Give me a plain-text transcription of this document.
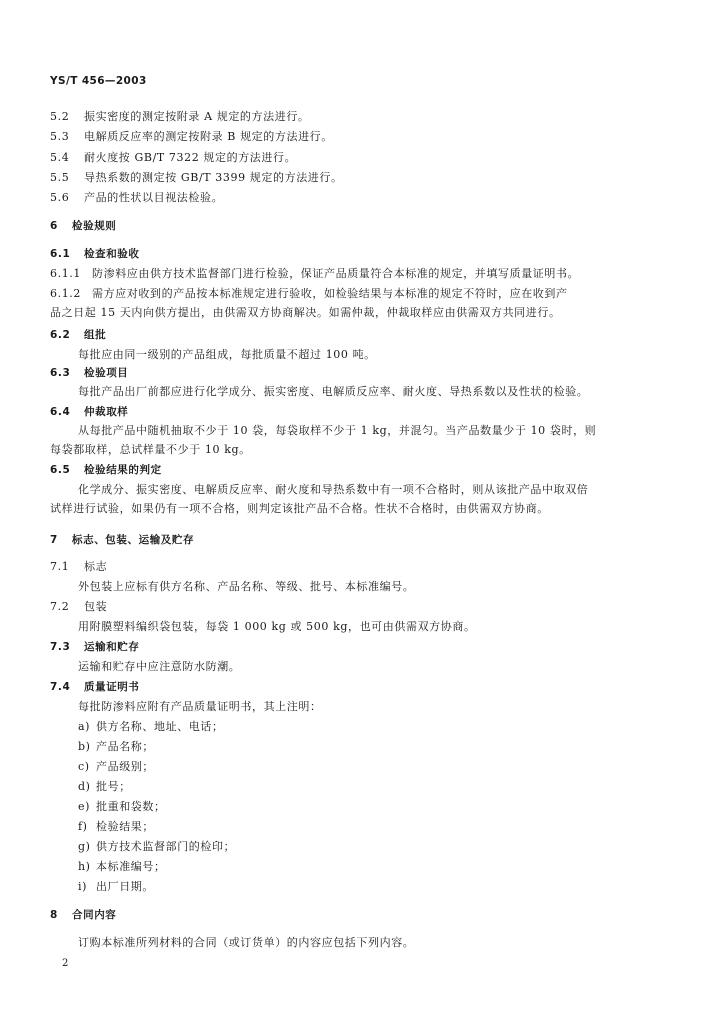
YS/T 456—2003
5.2 振实密度的测定按附录 A 规定的方法进行。
5.3 电解质反应率的测定按附录 B 规定的方法进行。
5.4 耐火度按 GB/T 7322 规定的方法进行。
5.5 导热系数的测定按 GB/T 3399 规定的方法进行。
5.6 产品的性状以目视法检验。
6 检验规则
6.1 检查和验收
6.1.1 防渗料应由供方技术监督部门进行检验，保证产品质量符合本标准的规定，并填写质量证明书。
6.1.2 需方应对收到的产品按本标准规定进行验收，如检验结果与本标准的规定不符时，应在收到产
品之日起 15 天内向供方提出，由供需双方协商解决。如需仲裁，仲裁取样应由供需双方共同进行。
6.2 组批
每批应由同一级别的产品组成，每批质量不超过 100 吨。
6.3 检验项目
每批产品出厂前都应进行化学成分、振实密度、电解质反应率、耐火度、导热系数以及性状的检验。
6.4 仲裁取样
从每批产品中随机抽取不少于 10 袋，每袋取样不少于 1 kg，并混匀。当产品数量少于 10 袋时，则
每袋都取样，总试样量不少于 10 kg。
6.5 检验结果的判定
化学成分、振实密度、电解质反应率、耐火度和导热系数中有一项不合格时，则从该批产品中取双倍
试样进行试验，如果仍有一项不合格，则判定该批产品不合格。性状不合格时，由供需双方协商。
7 标志、包装、运输及贮存
7.1 标志
外包装上应标有供方名称、产品名称、等级、批号、本标准编号。
7.2 包装
用附膜塑料编织袋包装，每袋 1 000 kg 或 500 kg，也可由供需双方协商。
7.3 运输和贮存
运输和贮存中应注意防水防潮。
7.4 质量证明书
每批防渗料应附有产品质量证明书，其上注明：
a) 供方名称、地址、电话；
b) 产品名称；
c) 产品级别；
d) 批号；
e) 批重和袋数；
f) 检验结果；
g) 供方技术监督部门的检印；
h) 本标准编号；
i) 出厂日期。
8 合同内容
订购本标准所列材料的合同（或订货单）的内容应包括下列内容。
2
